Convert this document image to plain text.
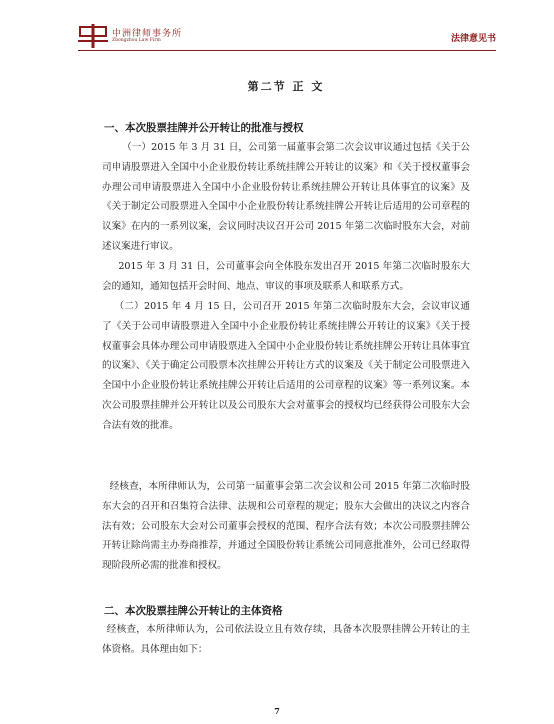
中洲律师事务所
Zhongzhou Law Firm	法律意见书
第二节 正 文
一、本次股票挂牌并公开转让的批准与授权
（一）2015 年 3 月 31 日，公司第一届董事会第二次会议审议通过包括《关于公司申请股票进入全国中小企业股份转让系统挂牌公开转让的议案》和《关于授权董事会办理公司申请股票进入全国中小企业股份转让系统挂牌公开转让具体事宜的议案》及《关于制定公司股票进入全国中小企业股份转让系统挂牌公开转让后适用的公司章程的议案》在内的一系列议案，会议同时决议召开公司 2015 年第二次临时股东大会，对前述议案进行审议。
2015 年 3 月 31 日，公司董事会向全体股东发出召开 2015 年第二次临时股东大会的通知，通知包括开会时间、地点、审议的事项及联系人和联系方式。
（二）2015 年 4 月 15 日，公司召开 2015 年第二次临时股东大会，会议审议通了《关于公司申请股票进入全国中小企业股份转让系统挂牌公开转让的议案》《关于授权董事会具体办理公司申请股票进入全国中小企业股份转让系统挂牌公开转让具体事宜的议案》、《关于确定公司股票本次挂牌公开转让方式的议案及《关于制定公司股票进入全国中小企业股份转让系统挂牌公开转让后适用的公司章程的议案》等一系列议案。本次公司股票挂牌并公开转让以及公司股东大会对董事会的授权均已经获得公司股东大会合法有效的批准。
经核查，本所律师认为，公司第一届董事会第二次会议和公司 2015 年第二次临时股东大会的召开和召集符合法律、法规和公司章程的规定；股东大会做出的决议之内容合法有效；公司股东大会对公司董事会授权的范围、程序合法有效；本次公司股票挂牌公开转让除尚需主办券商推荐，并通过全国股份转让系统公司同意批准外，公司已经取得现阶段所必需的批准和授权。
二、本次股票挂牌公开转让的主体资格
经核查，本所律师认为，公司依法设立且有效存续，具备本次股票挂牌公开转让的主体资格。具体理由如下：
7
